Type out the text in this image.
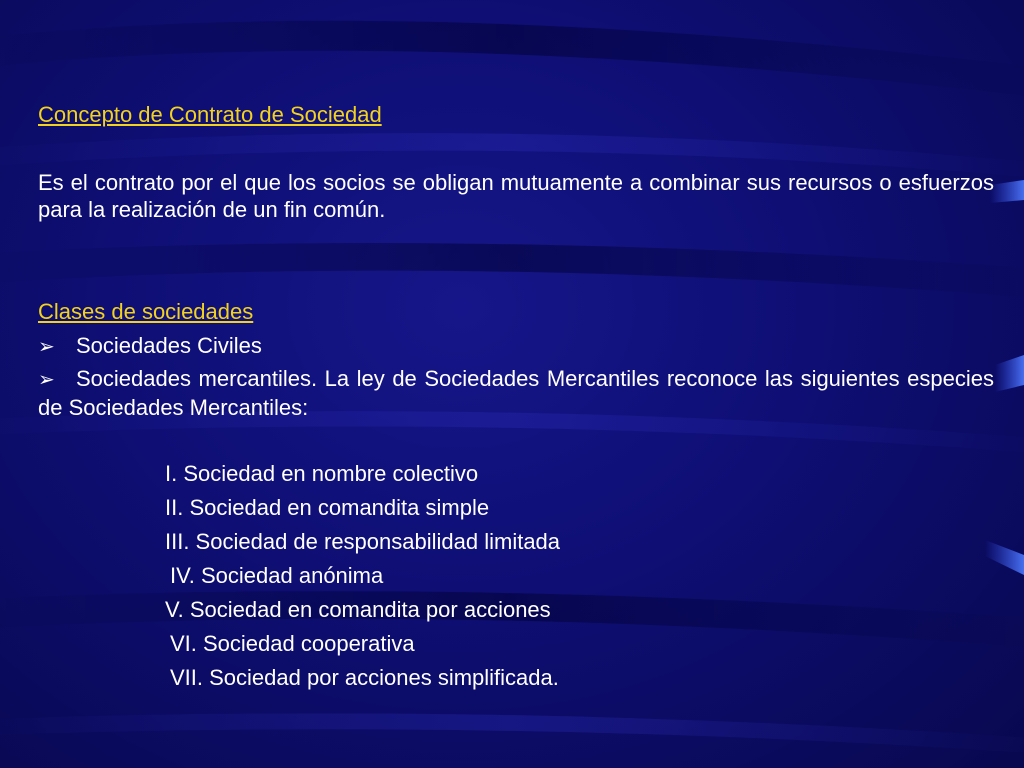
Concepto de Contrato de Sociedad
Es el contrato por el que los socios se obligan mutuamente a combinar sus recursos o esfuerzos para la realización de un fin común.
Clases de sociedades
➢ Sociedades Civiles
➢ Sociedades mercantiles. La ley de Sociedades Mercantiles reconoce las siguientes especies de Sociedades Mercantiles:
I. Sociedad en nombre colectivo
II. Sociedad en comandita simple
III. Sociedad de responsabilidad limitada
IV. Sociedad anónima
V. Sociedad en comandita por acciones
VI. Sociedad cooperativa
VII. Sociedad por acciones simplificada.
